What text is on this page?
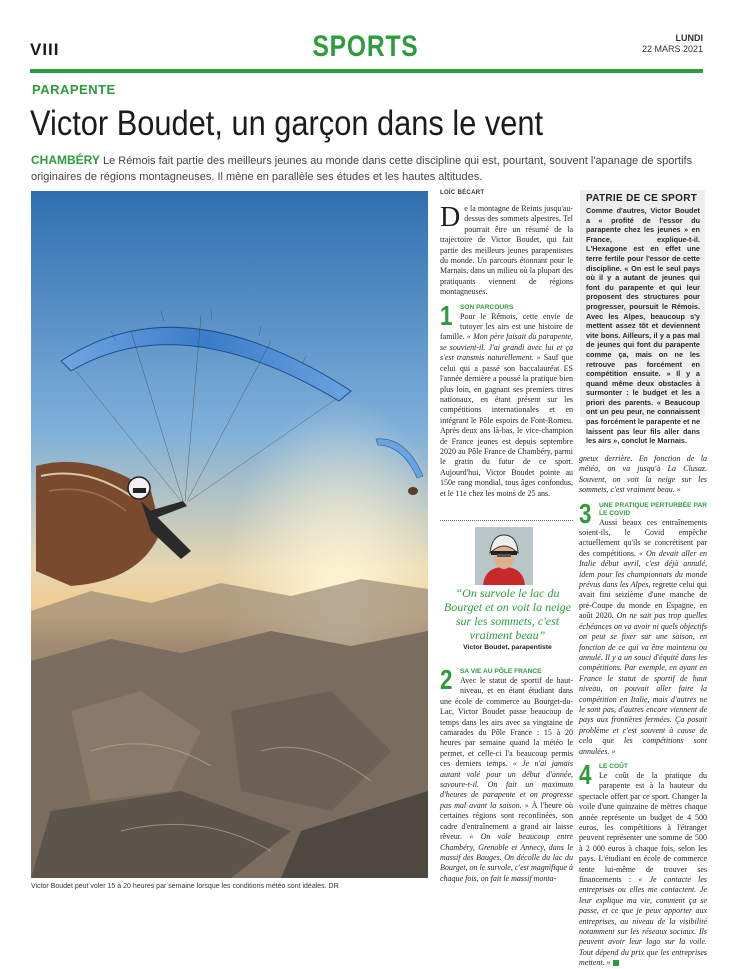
VIII	SPORTS	LUNDI
22 MARS 2021
PARAPENTE
Victor Boudet, un garçon dans le vent
CHAMBÉRY Le Rémois fait partie des meilleurs jeunes au monde dans cette discipline qui est, pourtant, souvent l'apanage de sportifs originaires de régions montagneuses. Il mène en parallèle ses études et les hautes altitudes.
Victor Boudet peut voler 15 à 20 heures par semaine lorsque les conditions météo sont idéales. DR
LOÏC BÉCART

De la montagne de Reims jusqu'au-dessus des sommets alpestres. Tel pourrait être un résumé de la trajectoire de Victor Boudet, qui fait partie des meilleurs jeunes parapentistes du monde. Un parcours étonnant pour le Marnais, dans un milieu où la plupart des pratiquants viennent de régions montagneuses.

1	SON PARCOURS
Pour le Rémois, cette envie de tutoyer les airs est une histoire de famille. « Mon père faisait du parapente, se souvient-il. J'ai grandi avec lui et ça s'est transmis naturellement. » Sauf que celui qui a passé son baccalauréat ES l'année dernière a poussé la pratique bien plus loin, en gagnant ses premiers titres nationaux, en étant présent sur les compétitions internationales et en intégrant le Pôle espoirs de Font-Romeu. Après deux ans là-bas, le vice-champion de France jeunes est depuis septembre 2020 au Pôle France de Chambéry, parmi le gratin du futur de ce sport. Aujourd'hui, Victor Boudet pointe au 150e rang mondial, tous âges confondus, et le 11e chez les moins de 25 ans.

“On survole le lac du Bourget et on voit la neige sur les sommets, c'est vraiment beau”
Victor Boudet, parapentiste

2	SA VIE AU PÔLE FRANCE
Avec le statut de sportif de haut-niveau, et en étant étudiant dans une école de commerce au Bourget-du-Lac, Victor Boudet passe beaucoup de temps dans les airs avec sa vingtaine de camarades du Pôle France : 15 à 20 heures par semaine quand la météo le permet, et celle-ci l'a beaucoup permis ces derniers temps. « Je n'ai jamais autant volé pour un début d'année, savoure-t-il. On fait un maximum d'heures de parapente et on progresse pas mal avant la saison. » À l'heure où certaines régions sont reconfinées, son cadre d'entraînement a grand air laisse rêveur. « On vole beaucoup entre Chambéry, Grenoble et Annecy, dans le massif des Bauges. On décolle du lac du Bourget, on le survole, c'est magnifique à chaque fois, on fait le massif monta-

PATRIE DE CE SPORT
Comme d'autres, Victor Boudet a « profité de l'essor du parapente chez les jeunes » en France, explique-t-il. L'Hexagone est en effet une terre fertile pour l'essor de cette discipline. « On est le seul pays où il y a autant de jeunes qui font du parapente et qui leur proposent des structures pour progresser, poursuit le Rémois. Avec les Alpes, beaucoup s'y mettent assez tôt et deviennent vite bons. Ailleurs, il y a pas mal de jeunes qui font du parapente comme ça, mais on ne les retrouve pas forcément en compétition ensuite. » Il y a quand même deux obstacles à surmonter : le budget et les a priori des parents. « Beaucoup ont un peu peur, ne connaissent pas forcément le parapente et ne laissent pas leur fils aller dans les airs », conclut le Marnais.

gneux derrière. En fonction de la météo, on va jusqu'à La Clusaz. Souvent, on voit la neige sur les sommets, c'est vraiment beau. »

3	UNE PRATIQUE PERTURBÉE PAR LE COVID
Aussi beaux ces entraînements soient-ils, le Covid empêche actuellement qu'ils se concrétisent par des compétitions. « On devait aller en Italie début avril, c'est déjà annulé, idem pour les championnats du monde prévus dans les Alpes, regrette celui qui avait fini seizième d'une manche de pré-Coupe du monde en Espagne, en août 2020. On ne sait pas trop quelles échéances on va avoir ni quels objectifs on peut se fixer sur une saison, en fonction de ce qui va être maintenu ou annulé. Il y a un souci d'équité dans les compétitions. Par exemple, en ayant en France le statut de sportif de haut niveau, on pouvait aller faire la compétition en Italie, mais d'autres ne le sont pas, d'autres encore viennent de pays aux frontières fermées. Ça posait problème et c'est souvent à cause de cela que les compétitions sont annulées. »

4	LE COÛT
Le coût de la pratique du parapente est à la hauteur du spectacle offert par ce sport. Changer la voile d'une quinzaine de mètres chaque année représente un budget de 4 500 euros, les compétitions à l'étranger peuvent représenter une somme de 500 à 2 000 euros à chaque fois, selon les pays. L'étudiant en école de commerce tente lui-même de trouver ses financements : « Je contacte les entreprises ou elles me contactent. Je leur explique ma vie, comment ça se passe, et ce que je peux apporter aux entreprises, au niveau de la visibilité notamment sur les réseaux sociaux. Ils peuvent avoir leur logo sur la voile. Tout dépend du prix que les entreprises mettent. »
